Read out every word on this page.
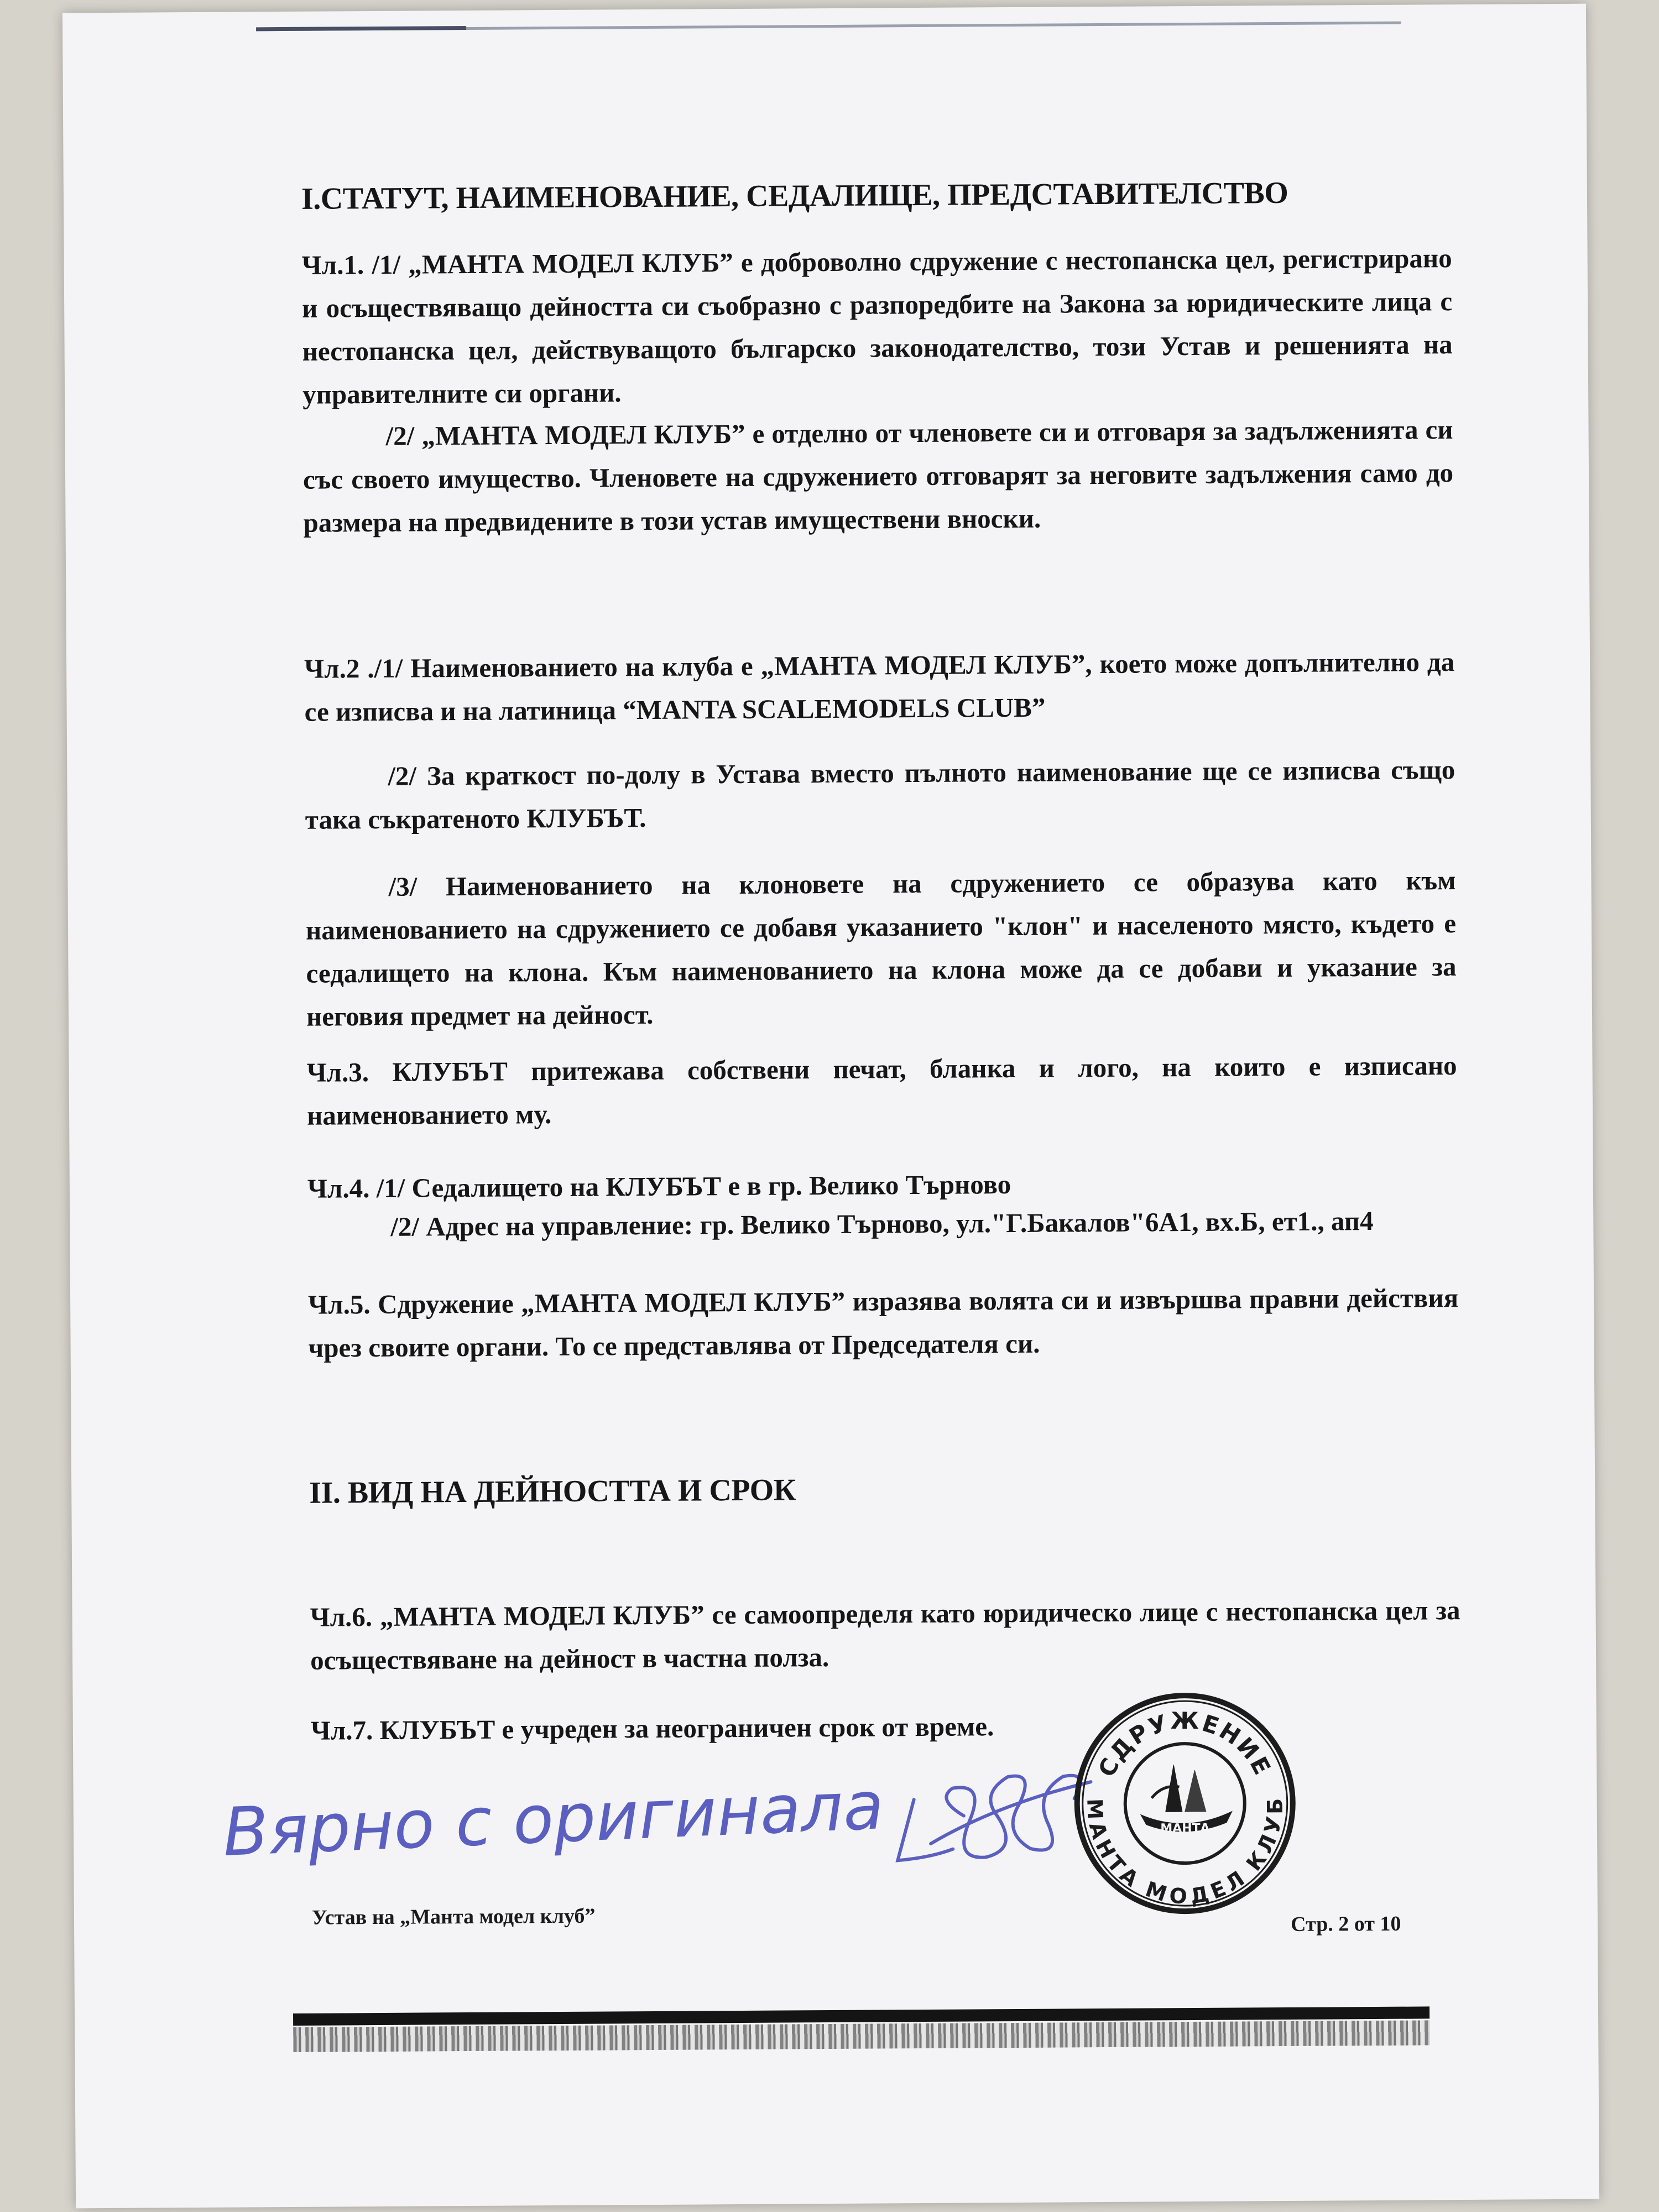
I.СТАТУТ, НАИМЕНОВАНИЕ, СЕДАЛИЩЕ, ПРЕДСТАВИТЕЛСТВО

Чл.1. /1/ „МАНТА МОДЕЛ КЛУБ” е доброволно сдружение с нестопанска цел, регистрирано и осъществяващо дейността си съобразно с разпоредбите на Закона за юридическите лица с нестопанска цел, действуващото българско законодателство, този Устав и решенията на управителните си органи.

/2/ „МАНТА МОДЕЛ КЛУБ” е отделно от членовете си и отговаря за задълженията си със своето имущество. Членовете на сдружението отговарят за неговите задължения само до размера на предвидените в този устав имуществени вноски.

Чл.2 ./1/ Наименованието на клуба е „МАНТА МОДЕЛ КЛУБ”, което може допълнително да се изписва и на латиница “MANTA SCALEMODELS CLUB”

/2/ За краткост по-долу в Устава вместо пълното наименование ще се изписва също така съкратеното КЛУБЪТ.

/3/ Наименованието на клоновете на сдружението се образува като към наименованието на сдружението се добавя указанието "клон" и населеното място, където е седалището на клона. Към наименованието на клона може да се добави и указание за неговия предмет на дейност.

Чл.3. КЛУБЪТ притежава собствени печат, бланка и лого, на които е изписано наименованието му.

Чл.4. /1/ Седалището на КЛУБЪТ е в гр. Велико Търново

/2/ Адрес на управление: гр. Велико Търново, ул."Г.Бакалов"6А1, вх.Б, ет1., ап4

Чл.5. Сдружение „МАНТА МОДЕЛ КЛУБ” изразява волята си и извършва правни действия чрез своите органи. То се представлява от Председателя си.

II. ВИД НА ДЕЙНОСТТА И СРОК

Чл.6. „МАНТА МОДЕЛ КЛУБ” се самоопределя като юридическо лице с нестопанска цел за осъществяване на дейност в частна полза.

Чл.7. КЛУБЪТ е учреден за неограничен срок от време.

Вярно с оригинала
СДРУЖЕНИЕ
МАНТА МОДЕЛ КЛУБ
МАНТА
Устав на „Манта модел клуб”	Стр. 2 от 10
